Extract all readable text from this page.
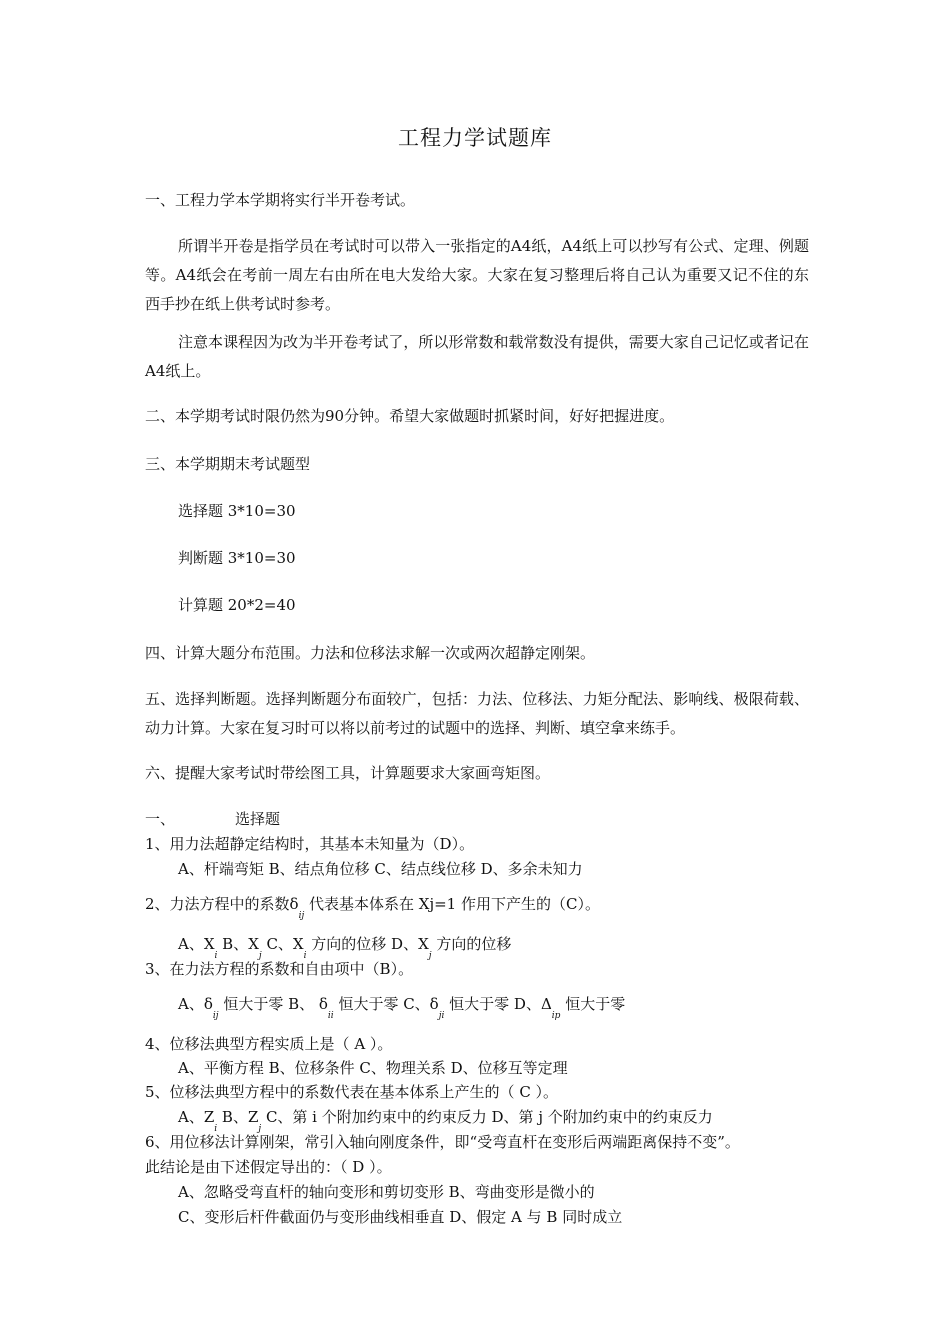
工程力学试题库
一、工程力学本学期将实行半开卷考试。
所谓半开卷是指学员在考试时可以带入一张指定的A4纸，A4纸上可以抄写有公式、定理、例题等。A4纸会在考前一周左右由所在电大发给大家。大家在复习整理后将自己认为重要又记不住的东西手抄在纸上供考试时参考。
注意本课程因为改为半开卷考试了，所以形常数和载常数没有提供，需要大家自己记忆或者记在A4纸上。
二、本学期考试时限仍然为90分钟。希望大家做题时抓紧时间，好好把握进度。
三、本学期期末考试题型
选择题 3*10=30
判断题 3*10=30
计算题 20*2=40
四、计算大题分布范围。力法和位移法求解一次或两次超静定刚架。
五、选择判断题。选择判断题分布面较广，包括：力法、位移法、力矩分配法、影响线、极限荷载、动力计算。大家在复习时可以将以前考过的试题中的选择、判断、填空拿来练手。
六、提醒大家考试时带绘图工具，计算题要求大家画弯矩图。
一、	选择题
1、用力法超静定结构时，其基本未知量为（D）。
A、杆端弯矩 B、结点角位移 C、结点线位移 D、多余未知力
2、力法方程中的系数$\delta_{ij}$ 代表基本体系在 Xj=1 作用下产生的（C）。
A、$X_i$ B、$X_j$ C、$X_i$ 方向的位移 D、$X_j$ 方向的位移
3、在力法方程的系数和自由项中（B）。
A、$\delta_{ij}$ 恒大于零 B、 $\delta_{ii}$ 恒大于零 C、$\delta_{ji}$ 恒大于零 D、$\Delta_{ip}$ 恒大于零
4、位移法典型方程实质上是（ A ）。
A、平衡方程 B、位移条件 C、物理关系 D、位移互等定理
5、位移法典型方程中的系数代表在基本体系上产生的（ C ）。
A、$Z_i$ B、$Z_j$ C、第 i 个附加约束中的约束反力 D、第 j 个附加约束中的约束反力
6、用位移法计算刚架，常引入轴向刚度条件，即“受弯直杆在变形后两端距离保持不变”。
此结论是由下述假定导出的：（ D ）。
A、忽略受弯直杆的轴向变形和剪切变形 B、弯曲变形是微小的
C、变形后杆件截面仍与变形曲线相垂直 D、假定 A 与 B 同时成立
